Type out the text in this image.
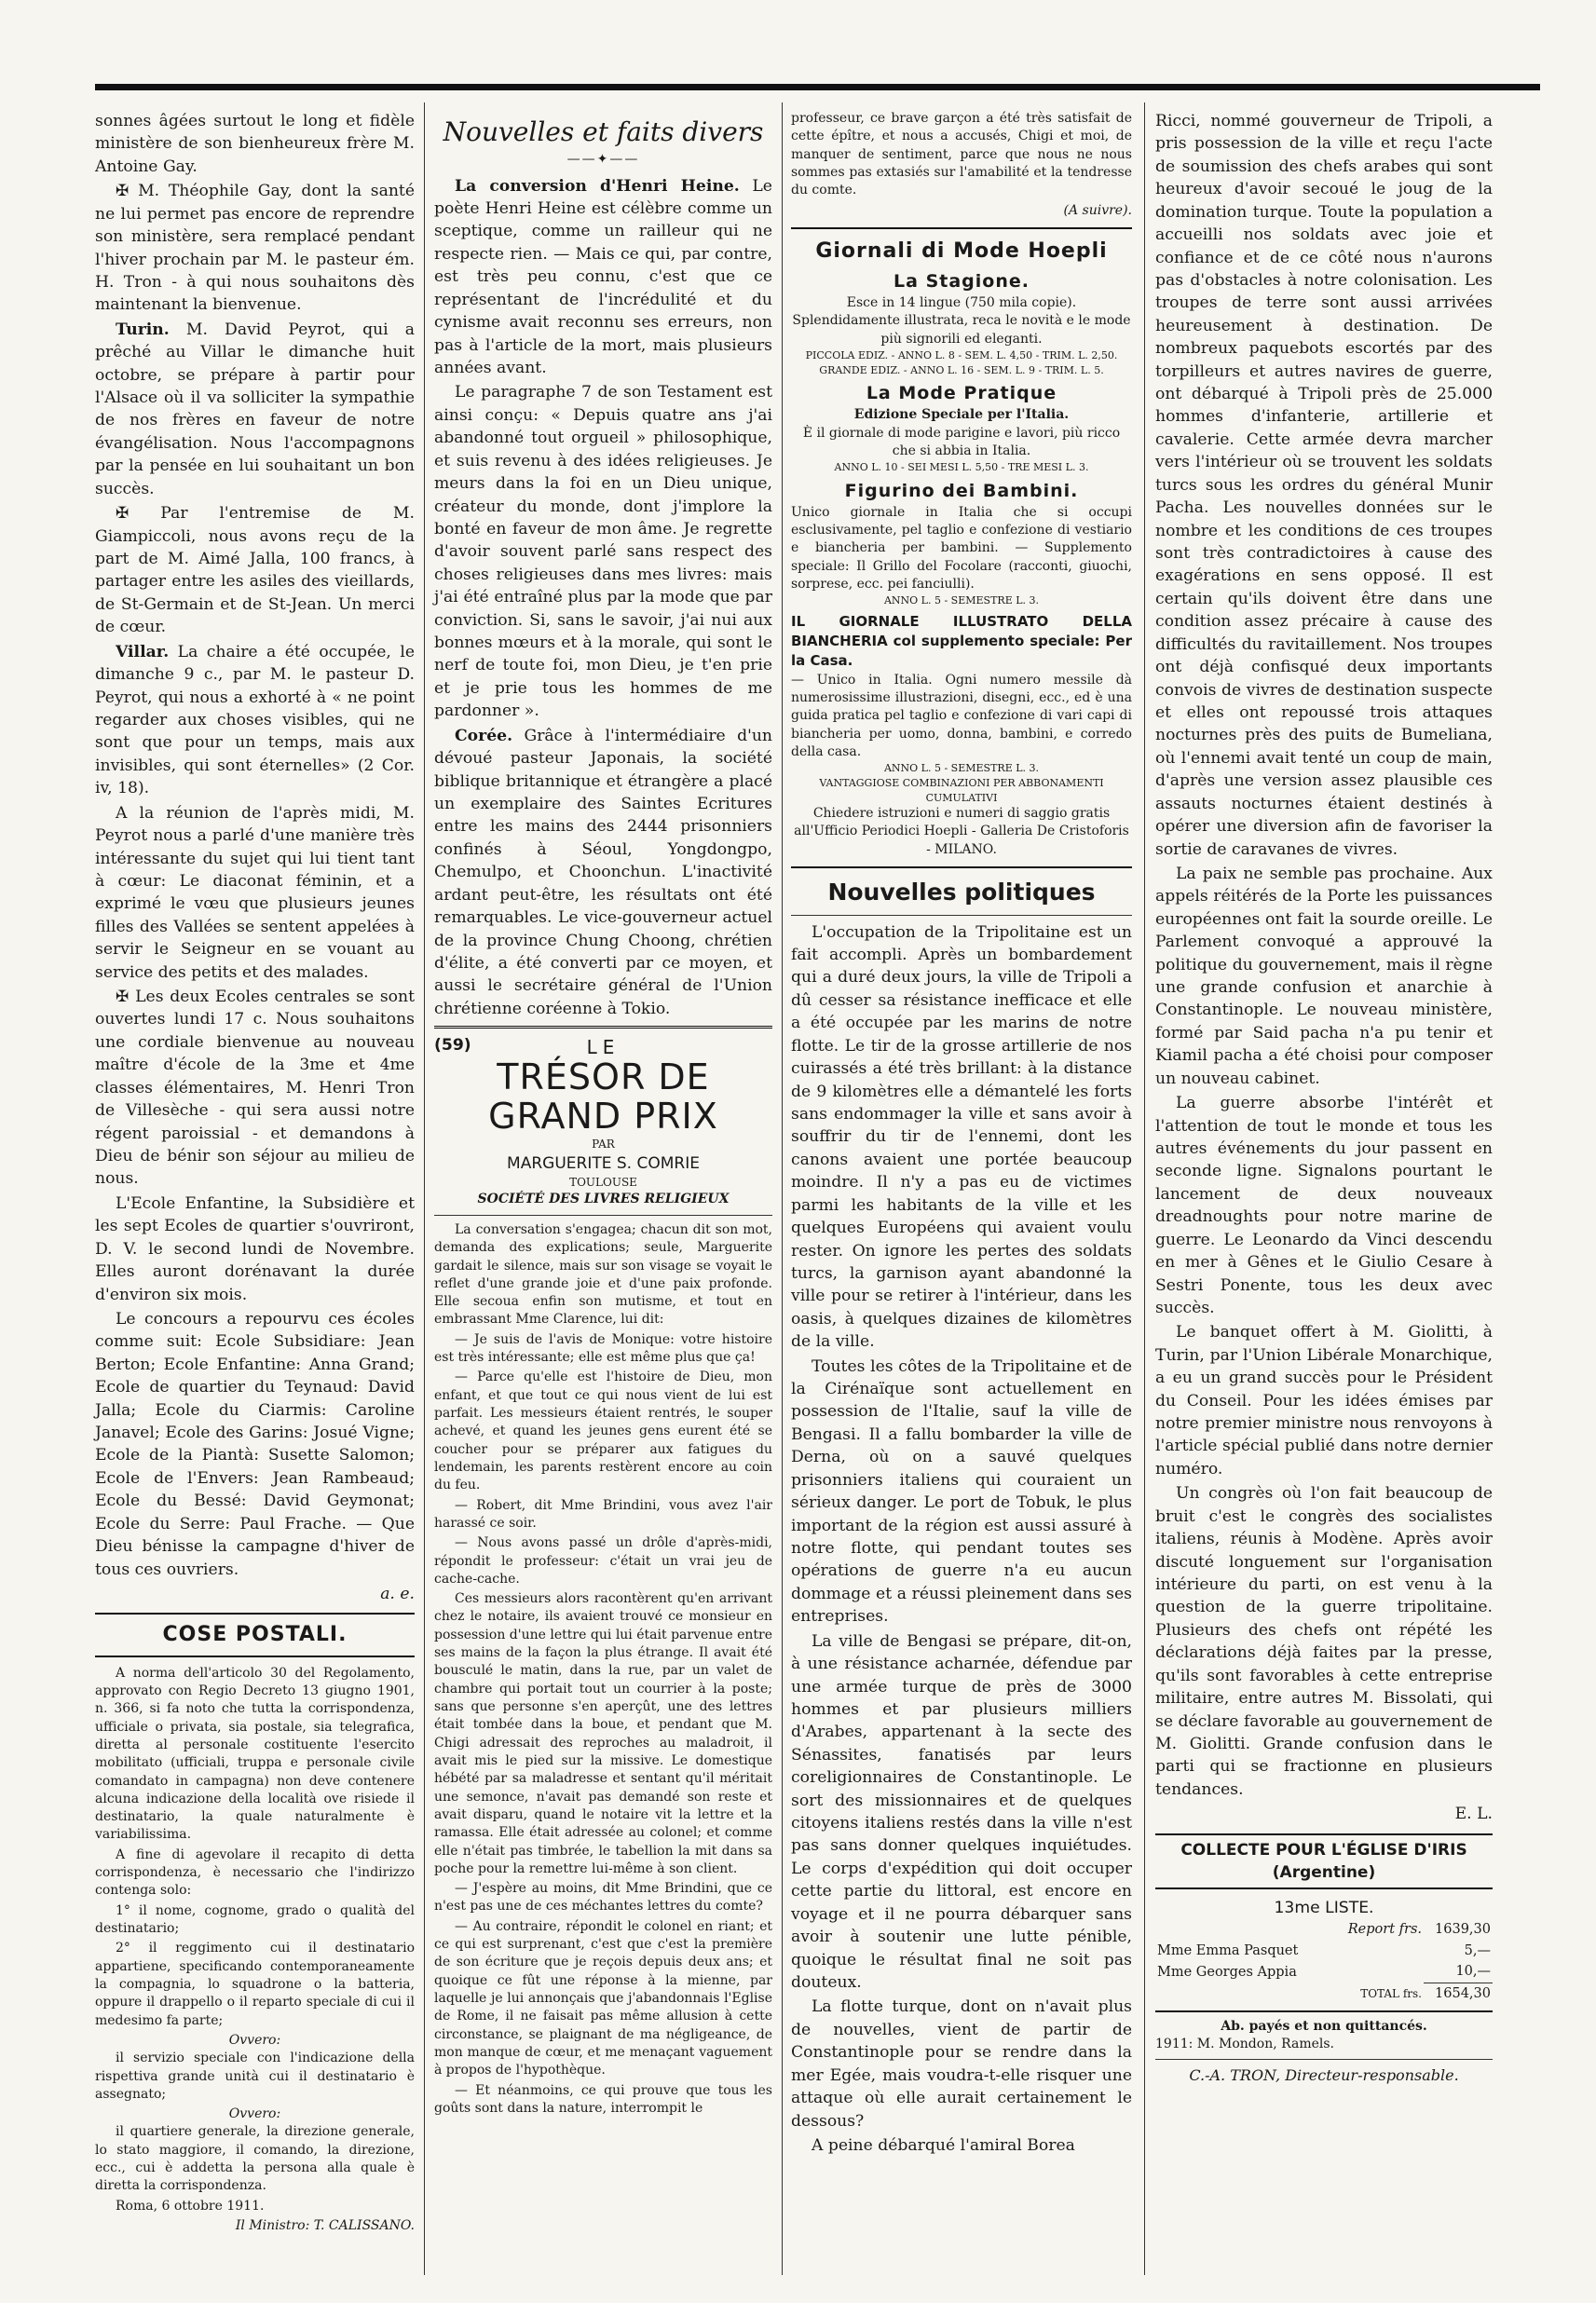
sonnes âgées surtout le long et fidèle ministère de son bienheureux frère M. Antoine Gay.

✠ M. Théophile Gay, dont la santé ne lui permet pas encore de reprendre son ministère, sera remplacé pendant l'hiver prochain par M. le pasteur ém. H. Tron - à qui nous souhaitons dès maintenant la bienvenue.

Turin. M. David Peyrot, qui a prêché au Villar le dimanche huit octobre, se prépare à partir pour l'Alsace où il va solliciter la sympathie de nos frères en faveur de notre évangélisation. Nous l'accompagnons par la pensée en lui souhaitant un bon succès.

✠ Par l'entremise de M. Giampiccoli, nous avons reçu de la part de M. Aimé Jalla, 100 francs, à partager entre les asiles des vieillards, de St-Germain et de St-Jean. Un merci de cœur.

Villar. La chaire a été occupée, le dimanche 9 c., par M. le pasteur D. Peyrot, qui nous a exhorté à « ne point regarder aux choses visibles, qui ne sont que pour un temps, mais aux invisibles, qui sont éternelles» (2 Cor. iv, 18).

A la réunion de l'après midi, M. Peyrot nous a parlé d'une manière très intéressante du sujet qui lui tient tant à cœur: Le diaconat féminin, et a exprimé le vœu que plusieurs jeunes filles des Vallées se sentent appelées à servir le Seigneur en se vouant au service des petits et des malades.

✠ Les deux Ecoles centrales se sont ouvertes lundi 17 c. Nous souhaitons une cordiale bienvenue au nouveau maître d'école de la 3me et 4me classes élémentaires, M. Henri Tron de Villesèche - qui sera aussi notre régent paroissial - et demandons à Dieu de bénir son séjour au milieu de nous.

L'Ecole Enfantine, la Subsidière et les sept Ecoles de quartier s'ouvriront, D. V. le second lundi de Novembre. Elles auront dorénavant la durée d'environ six mois.

Le concours a repourvu ces écoles comme suit: Ecole Subsidiare: Jean Berton; Ecole Enfantine: Anna Grand; Ecole de quartier du Teynaud: David Jalla; Ecole du Ciarmis: Caroline Janavel; Ecole des Garins: Josué Vigne; Ecole de la Piantà: Susette Salomon; Ecole de l'Envers: Jean Rambeaud; Ecole du Bessé: David Geymonat; Ecole du Serre: Paul Frache. — Que Dieu bénisse la campagne d'hiver de tous ces ouvriers.

a. e.
COSE POSTALI.

A norma dell'articolo 30 del Regolamento, approvato con Regio Decreto 13 giugno 1901, n. 366, si fa noto che tutta la corrispondenza, ufficiale o privata, sia postale, sia telegrafica, diretta al personale costituente l'esercito mobilitato (ufficiali, truppa e personale civile comandato in campagna) non deve contenere alcuna indicazione della località ove risiede il destinatario, la quale naturalmente è variabilissima.

A fine di agevolare il recapito di detta corrispondenza, è necessario che l'indirizzo contenga solo:

1° il nome, cognome, grado o qualità del destinatario;

2° il reggimento cui il destinatario appartiene, specificando contemporaneamente la compagnia, lo squadrone o la batteria, oppure il drappello o il reparto speciale di cui il medesimo fa parte;

Ovvero:

il servizio speciale con l'indicazione della rispettiva grande unità cui il destinatario è assegnato;

Ovvero:

il quartiere generale, la direzione generale, lo stato maggiore, il comando, la direzione, ecc., cui è addetta la persona alla quale è diretta la corrispondenza.

Roma, 6 ottobre 1911.

Il Ministro: T. CALISSANO.
Nouvelles et faits divers
——✦——

La conversion d'Henri Heine. Le poète Henri Heine est célèbre comme un sceptique, comme un railleur qui ne respecte rien. — Mais ce qui, par contre, est très peu connu, c'est que ce représentant de l'incrédulité et du cynisme avait reconnu ses erreurs, non pas à l'article de la mort, mais plusieurs années avant.

Le paragraphe 7 de son Testament est ainsi conçu: « Depuis quatre ans j'ai abandonné tout orgueil » philosophique, et suis revenu à des idées religieuses. Je meurs dans la foi en un Dieu unique, créateur du monde, dont j'implore la bonté en faveur de mon âme. Je regrette d'avoir souvent parlé sans respect des choses religieuses dans mes livres: mais j'ai été entraîné plus par la mode que par conviction. Si, sans le savoir, j'ai nui aux bonnes mœurs et à la morale, qui sont le nerf de toute foi, mon Dieu, je t'en prie et je prie tous les hommes de me pardonner ».

Corée. Grâce à l'intermédiaire d'un dévoué pasteur Japonais, la société biblique britannique et étrangère a placé un exemplaire des Saintes Ecritures entre les mains des 2444 prisonniers confinés à Séoul, Yongdongpo, Chemulpo, et Choonchun. L'inactivité ardant peut-être, les résultats ont été remarquables. Le vice-gouverneur actuel de la province Chung Choong, chrétien d'élite, a été converti par ce moyen, et aussi le secrétaire général de l'Union chrétienne coréenne à Tokio.

(59)	LE
TRÉSOR DE GRAND PRIX
PAR
MARGUERITE S. COMRIE
TOULOUSE
SOCIÉTÉ DES LIVRES RELIGIEUX

La conversation s'engagea; chacun dit son mot, demanda des explications; seule, Marguerite gardait le silence, mais sur son visage se voyait le reflet d'une grande joie et d'une paix profonde. Elle secoua enfin son mutisme, et tout en embrassant Mme Clarence, lui dit:

— Je suis de l'avis de Monique: votre histoire est très intéressante; elle est même plus que ça!

— Parce qu'elle est l'histoire de Dieu, mon enfant, et que tout ce qui nous vient de lui est parfait. Les messieurs étaient rentrés, le souper achevé, et quand les jeunes gens eurent été se coucher pour se préparer aux fatigues du lendemain, les parents restèrent encore au coin du feu.

— Robert, dit Mme Brindini, vous avez l'air harassé ce soir.

— Nous avons passé un drôle d'après-midi, répondit le professeur: c'était un vrai jeu de cache-cache.

Ces messieurs alors racontèrent qu'en arrivant chez le notaire, ils avaient trouvé ce monsieur en possession d'une lettre qui lui était parvenue entre ses mains de la façon la plus étrange. Il avait été bousculé le matin, dans la rue, par un valet de chambre qui portait tout un courrier à la poste; sans que personne s'en aperçût, une des lettres était tombée dans la boue, et pendant que M. Chigi adressait des reproches au maladroit, il avait mis le pied sur la missive. Le domestique hébété par sa maladresse et sentant qu'il méritait une semonce, n'avait pas demandé son reste et avait disparu, quand le notaire vit la lettre et la ramassa. Elle était adressée au colonel; et comme elle n'était pas timbrée, le tabellion la mit dans sa poche pour la remettre lui-même à son client.

— J'espère au moins, dit Mme Brindini, que ce n'est pas une de ces méchantes lettres du comte?

— Au contraire, répondit le colonel en riant; et ce qui est surprenant, c'est que c'est la première de son écriture que je reçois depuis deux ans; et quoique ce fût une réponse à la mienne, par laquelle je lui annonçais que j'abandonnais l'Eglise de Rome, il ne faisait pas même allusion à cette circonstance, se plaignant de ma négligeance, de mon manque de cœur, et me menaçant vaguement à propos de l'hypothèque.

— Et néanmoins, ce qui prouve que tous les goûts sont dans la nature, interrompit le

professeur, ce brave garçon a été très satisfait de cette épître, et nous a accusés, Chigi et moi, de manquer de sentiment, parce que nous ne nous sommes pas extasiés sur l'amabilité et la tendresse du comte.

(A suivre).
Giornali di Mode Hoepli
La Stagione.
Esce in 14 lingue (750 mila copie). Splendidamente illustrata, reca le novità e le mode più signorili ed eleganti.
PICCOLA EDIZ. - ANNO L. 8 - SEM. L. 4,50 - TRIM. L. 2,50.
GRANDE EDIZ. - ANNO L. 16 - SEM. L. 9 - TRIM. L. 5.
La Mode Pratique
Edizione Speciale per l'Italia.
È il giornale di mode parigine e lavori, più ricco che si abbia in Italia.
ANNO L. 10 - SEI MESI L. 5,50 - TRE MESI L. 3.
Figurino dei Bambini.
Unico giornale in Italia che si occupi esclusivamente, pel taglio e confezione di vestiario e biancheria per bambini. — Supplemento speciale: Il Grillo del Focolare (racconti, giuochi, sorprese, ecc. pei fanciulli).
ANNO L. 5 - SEMESTRE L. 3.
IL GIORNALE ILLUSTRATO DELLA BIANCHERIA col supplemento speciale: Per la Casa.
— Unico in Italia. Ogni numero messile dà numerosissime illustrazioni, disegni, ecc., ed è una guida pratica pel taglio e confezione di vari capi di biancheria per uomo, donna, bambini, e corredo della casa.
ANNO L. 5 - SEMESTRE L. 3.
VANTAGGIOSE COMBINAZIONI PER ABBONAMENTI CUMULATIVI
Chiedere istruzioni e numeri di saggio gratis all'Ufficio Periodici Hoepli - Galleria De Cristoforis - MILANO.
Nouvelles politiques

L'occupation de la Tripolitaine est un fait accompli. Après un bombardement qui a duré deux jours, la ville de Tripoli a dû cesser sa résistance inefficace et elle a été occupée par les marins de notre flotte. Le tir de la grosse artillerie de nos cuirassés a été très brillant: à la distance de 9 kilomètres elle a démantelé les forts sans endommager la ville et sans avoir à souffrir du tir de l'ennemi, dont les canons avaient une portée beaucoup moindre. Il n'y a pas eu de victimes parmi les habitants de la ville et les quelques Européens qui avaient voulu rester. On ignore les pertes des soldats turcs, la garnison ayant abandonné la ville pour se retirer à l'intérieur, dans les oasis, à quelques dizaines de kilomètres de la ville.

Toutes les côtes de la Tripolitaine et de la Cirénaïque sont actuellement en possession de l'Italie, sauf la ville de Bengasi. Il a fallu bombarder la ville de Derna, où on a sauvé quelques prisonniers italiens qui couraient un sérieux danger. Le port de Tobuk, le plus important de la région est aussi assuré à notre flotte, qui pendant toutes ses opérations de guerre n'a eu aucun dommage et a réussi pleinement dans ses entreprises.

La ville de Bengasi se prépare, dit-on, à une résistance acharnée, défendue par une armée turque de près de 3000 hommes et par plusieurs milliers d'Arabes, appartenant à la secte des Sénassites, fanatisés par leurs coreligionnaires de Constantinople. Le sort des missionnaires et de quelques citoyens italiens restés dans la ville n'est pas sans donner quelques inquiétudes. Le corps d'expédition qui doit occuper cette partie du littoral, est encore en voyage et il ne pourra débarquer sans avoir à soutenir une lutte pénible, quoique le résultat final ne soit pas douteux.

La flotte turque, dont on n'avait plus de nouvelles, vient de partir de Constantinople pour se rendre dans la mer Egée, mais voudra-t-elle risquer une attaque où elle aurait certainement le dessous?

A peine débarqué l'amiral Borea

Ricci, nommé gouverneur de Tripoli, a pris possession de la ville et reçu l'acte de soumission des chefs arabes qui sont heureux d'avoir secoué le joug de la domination turque. Toute la population a accueilli nos soldats avec joie et confiance et de ce côté nous n'aurons pas d'obstacles à notre colonisation. Les troupes de terre sont aussi arrivées heureusement à destination. De nombreux paquebots escortés par des torpilleurs et autres navires de guerre, ont débarqué à Tripoli près de 25.000 hommes d'infanterie, artillerie et cavalerie. Cette armée devra marcher vers l'intérieur où se trouvent les soldats turcs sous les ordres du général Munir Pacha. Les nouvelles données sur le nombre et les conditions de ces troupes sont très contradictoires à cause des exagérations en sens opposé. Il est certain qu'ils doivent être dans une condition assez précaire à cause des difficultés du ravitaillement. Nos troupes ont déjà confisqué deux importants convois de vivres de destination suspecte et elles ont repoussé trois attaques nocturnes près des puits de Bumeliana, où l'ennemi avait tenté un coup de main, d'après une version assez plausible ces assauts nocturnes étaient destinés à opérer une diversion afin de favoriser la sortie de caravanes de vivres.

La paix ne semble pas prochaine. Aux appels réitérés de la Porte les puissances européennes ont fait la sourde oreille. Le Parlement convoqué a approuvé la politique du gouvernement, mais il règne une grande confusion et anarchie à Constantinople. Le nouveau ministère, formé par Said pacha n'a pu tenir et Kiamil pacha a été choisi pour composer un nouveau cabinet.

La guerre absorbe l'intérêt et l'attention de tout le monde et tous les autres événements du jour passent en seconde ligne. Signalons pourtant le lancement de deux nouveaux dreadnoughts pour notre marine de guerre. Le Leonardo da Vinci descendu en mer à Gênes et le Giulio Cesare à Sestri Ponente, tous les deux avec succès.

Le banquet offert à M. Giolitti, à Turin, par l'Union Libérale Monarchique, a eu un grand succès pour le Président du Conseil. Pour les idées émises par notre premier ministre nous renvoyons à l'article spécial publié dans notre dernier numéro.

Un congrès où l'on fait beaucoup de bruit c'est le congrès des socialistes italiens, réunis à Modène. Après avoir discuté longuement sur l'organisation intérieure du parti, on est venu à la question de la guerre tripolitaine. Plusieurs des chefs ont répété les déclarations déjà faites par la presse, qu'ils sont favorables à cette entreprise militaire, entre autres M. Bissolati, qui se déclare favorable au gouvernement de M. Giolitti. Grande confusion dans le parti qui se fractionne en plusieurs tendances.

E. L.
COLLECTE POUR L'ÉGLISE D'IRIS (Argentine)
13me LISTE.
Report frs.	1639,30
Mme Emma Pasquet	5,—
Mme Georges Appia	10,—
TOTAL frs.	1654,30
Ab. payés et non quittancés.
1911: M. Mondon, Ramels.
C.-A. TRON, Directeur-responsable.
